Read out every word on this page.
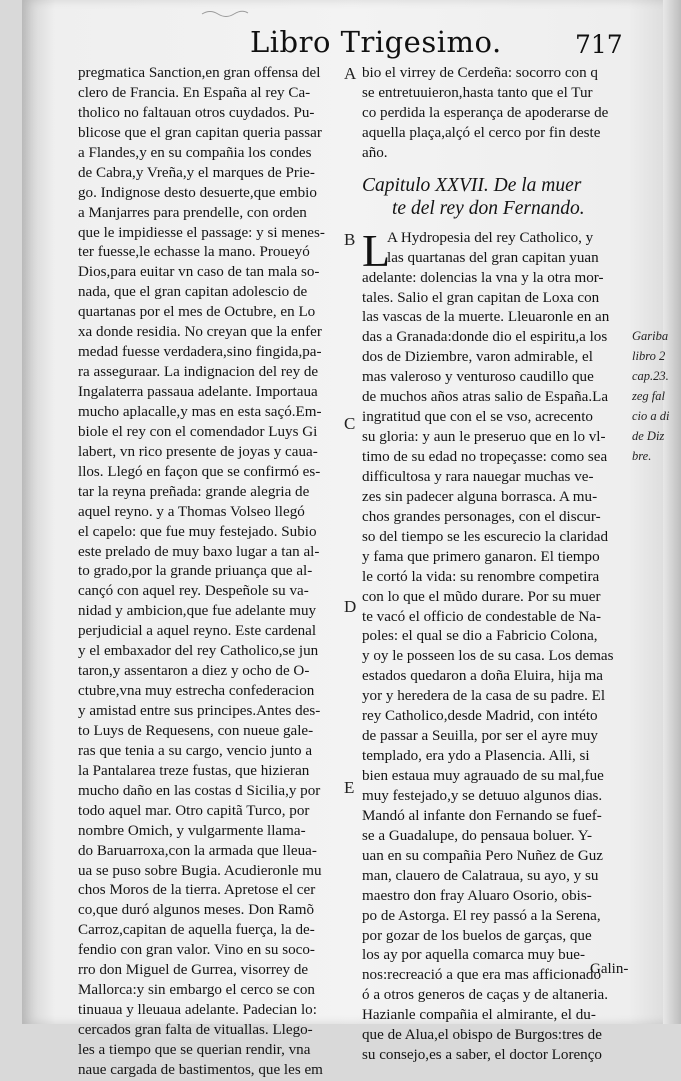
Libro Trigesimo.	717
pregmatica Sanction,en gran offensa del
clero de Francia. En España al rey Ca-
tholico no faltauan otros cuydados. Pu-
blicose que el gran capitan queria passar
a Flandes,y en su compañia los condes
de Cabra,y Vreña,y el marques de Prie-
go. Indignose desto desuerte,que embio
a Manjarres para prendelle, con orden
que le impidiesse el passage: y si menes-
ter fuesse,le echasse la mano. Proueyó
Dios,para euitar vn caso de tan mala so-
nada, que el gran capitan adolescio de
quartanas por el mes de Octubre, en Lo
xa donde residia. No creyan que la enfer
medad fuesse verdadera,sino fingida,pa-
ra asseguraar. La indignacion del rey de
Ingalaterra passaua adelante. Importaua
mucho aplacalle,y mas en esta saçó.Em-
biole el rey con el comendador Luys Gi
labert, vn rico presente de joyas y caua-
llos. Llegó en façon que se confirmó es-
tar la reyna preñada: grande alegria de
aquel reyno. y a Thomas Volseo llegó
el capelo: que fue muy festejado. Subio
este prelado de muy baxo lugar a tan al-
to grado,por la grande priuança que al-
cançó con aquel rey. Despeñole su va-
nidad y ambicion,que fue adelante muy
perjudicial a aquel reyno. Este cardenal
y el embaxador del rey Catholico,se jun
taron,y assentaron a diez y ocho de O-
ctubre,vna muy estrecha confederacion
y amistad entre sus principes.Antes des-
to Luys de Requesens, con nueue gale-
ras que tenia a su cargo, vencio junto a
la Pantalarea treze fustas, que hizieran
mucho daño en las costas d Sicilia,y por
todo aquel mar. Otro capitã Turco, por
nombre Omich, y vulgarmente llama-
do Baruarroxa,con la armada que lleua-
ua se puso sobre Bugia. Acudieronle mu
chos Moros de la tierra. Apretose el cer
co,que duró algunos meses. Don Ramõ
Carroz,capitan de aquella fuerça, la de-
fendio con gran valor. Vino en su soco-
rro don Miguel de Gurrea, visorrey de
Mallorca:y sin embargo el cerco se con
tinuaua y lleuaua adelante. Padecian lo:
cercados gran falta de vituallas. Llego-
les a tiempo que se querian rendir, vna
naue cargada de bastimentos, que les em
bio el virrey de Cerdeña: socorro con q
se entretuuieron,hasta tanto que el Tur
co perdida la esperança de apoderarse de
aquella plaça,alçó el cerco por fin deste
año.
Capitulo XXVII. De la muer
te del rey don Fernando.
L
A Hydropesia del rey Catholico, y
las quartanas del gran capitan yuan
adelante: dolencias la vna y la otra mor-
tales. Salio el gran capitan de Loxa con
las vascas de la muerte. Lleuaronle en an
das a Granada:donde dio el espiritu,a los
dos de Diziembre, varon admirable, el
mas valeroso y venturoso caudillo que
de muchos años atras salio de España.La
ingratitud que con el se vso, acrecento
su gloria: y aun le preseruo que en lo vl-
timo de su edad no tropeçasse: como sea
difficultosa y rara nauegar muchas ve-
zes sin padecer alguna borrasca. A mu-
chos grandes personages, con el discur-
so del tiempo se les escurecio la claridad
y fama que primero ganaron. El tiempo
le cortó la vida: su renombre competira
con lo que el mũdo durare. Por su muer
te vacó el officio de condestable de Na-
poles: el qual se dio a Fabricio Colona,
y oy le posseen los de su casa. Los demas
estados quedaron a doña Eluira, hija ma
yor y heredera de la casa de su padre. El
rey Catholico,desde Madrid, con intéto
de passar a Seuilla, por ser el ayre muy
templado, era ydo a Plasencia. Alli, si
bien estaua muy agrauado de su mal,fue
muy festejado,y se detuuo algunos dias.
Mandó al infante don Fernando se fuef-
se a Guadalupe, do pensaua boluer. Y-
uan en su compañia Pero Nuñez de Guz
man, clauero de Calatraua, su ayo, y su
maestro don fray Aluaro Osorio, obis-
po de Astorga. El rey passó a la Serena,
por gozar de los buelos de garças, que
los ay por aquella comarca muy bue-
nos:recreació a que era mas afficionado
ó a otros generos de caças y de altaneria.
Hazianle compañia el almirante, el du-
que de Alua,el obispo de Burgos:tres de
su consejo,es a saber, el doctor Lorenço
A
B
C
D
E
Gariba
libro 2
cap.23.
zeg fal
cio a di
de Diz
bre.
Galin-
